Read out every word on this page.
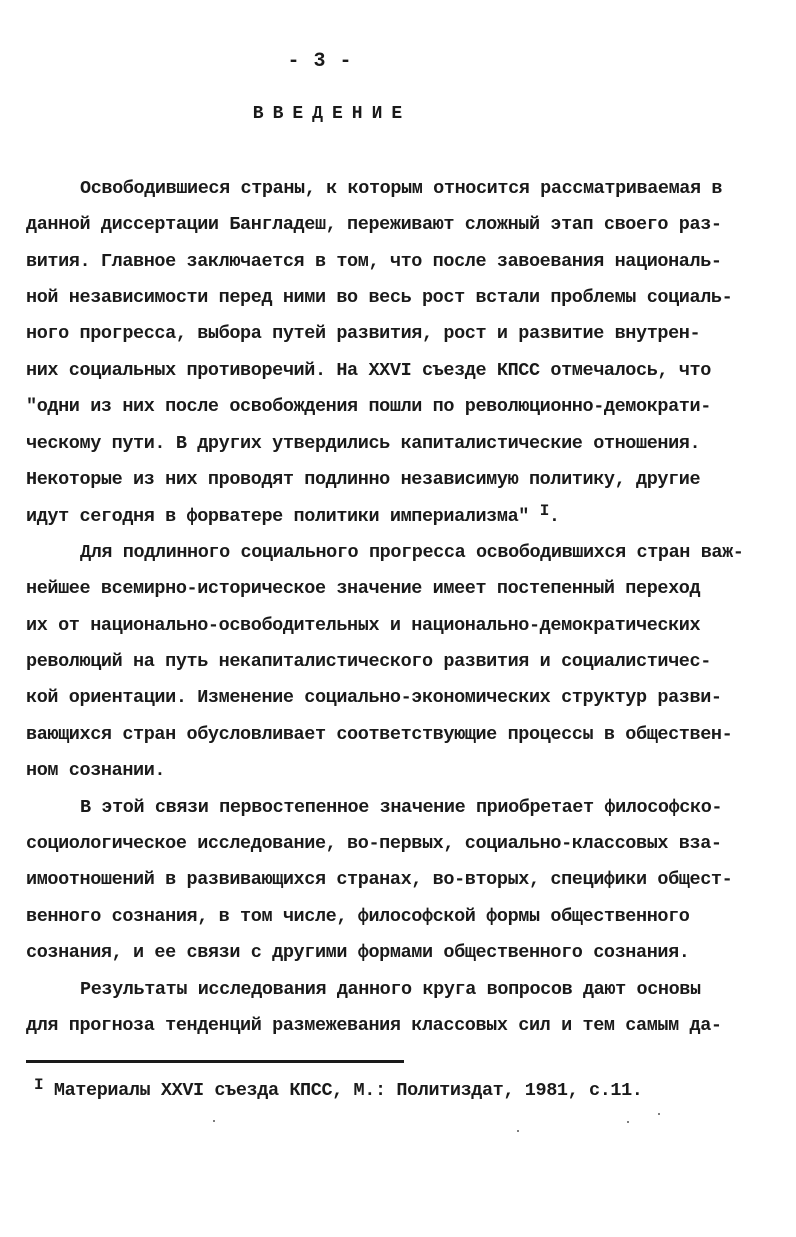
- 3 -
ВВЕДЕНИЕ
Освободившиеся страны, к которым относится рассматриваемая в
данной диссертации Бангладеш, переживают сложный этап своего раз-
вития. Главное заключается в том, что после завоевания националь-
ной независимости перед ними во весь рост встали проблемы социаль-
ного прогресса, выбора путей развития, рост и развитие внутрен-
них социальных противоречий. На XXVI съезде КПСС отмечалось, что
"одни из них после освобождения пошли по революционно-демократи-
ческому пути. В других утвердились капиталистические отношения.
Некоторые из них проводят подлинно независимую политику, другие
идут сегодня в форватере политики империализма" $^I$.
Для подлинного социального прогресса освободившихся стран важ-
нейшее всемирно-историческое значение имеет постепенный переход
их от национально-освободительных и национально-демократических
революций на путь некапиталистического развития и социалистичес-
кой ориентации. Изменение социально-экономических структур разви-
вающихся стран обусловливает соответствующие процессы в обществен-
ном сознании.
В этой связи первостепенное значение приобретает философско-
социологическое исследование, во-первых, социально-классовых вза-
имоотношений в развивающихся странах, во-вторых, специфики общест-
венного сознания, в том числе, философской формы общественного
сознания, и ее связи с другими формами общественного сознания.
Результаты исследования данного круга вопросов дают основы
для прогноза тенденций размежевания классовых сил и тем самым да-
I Материалы XXVI съезда КПСС, М.: Политиздат, 1981, с.11.
